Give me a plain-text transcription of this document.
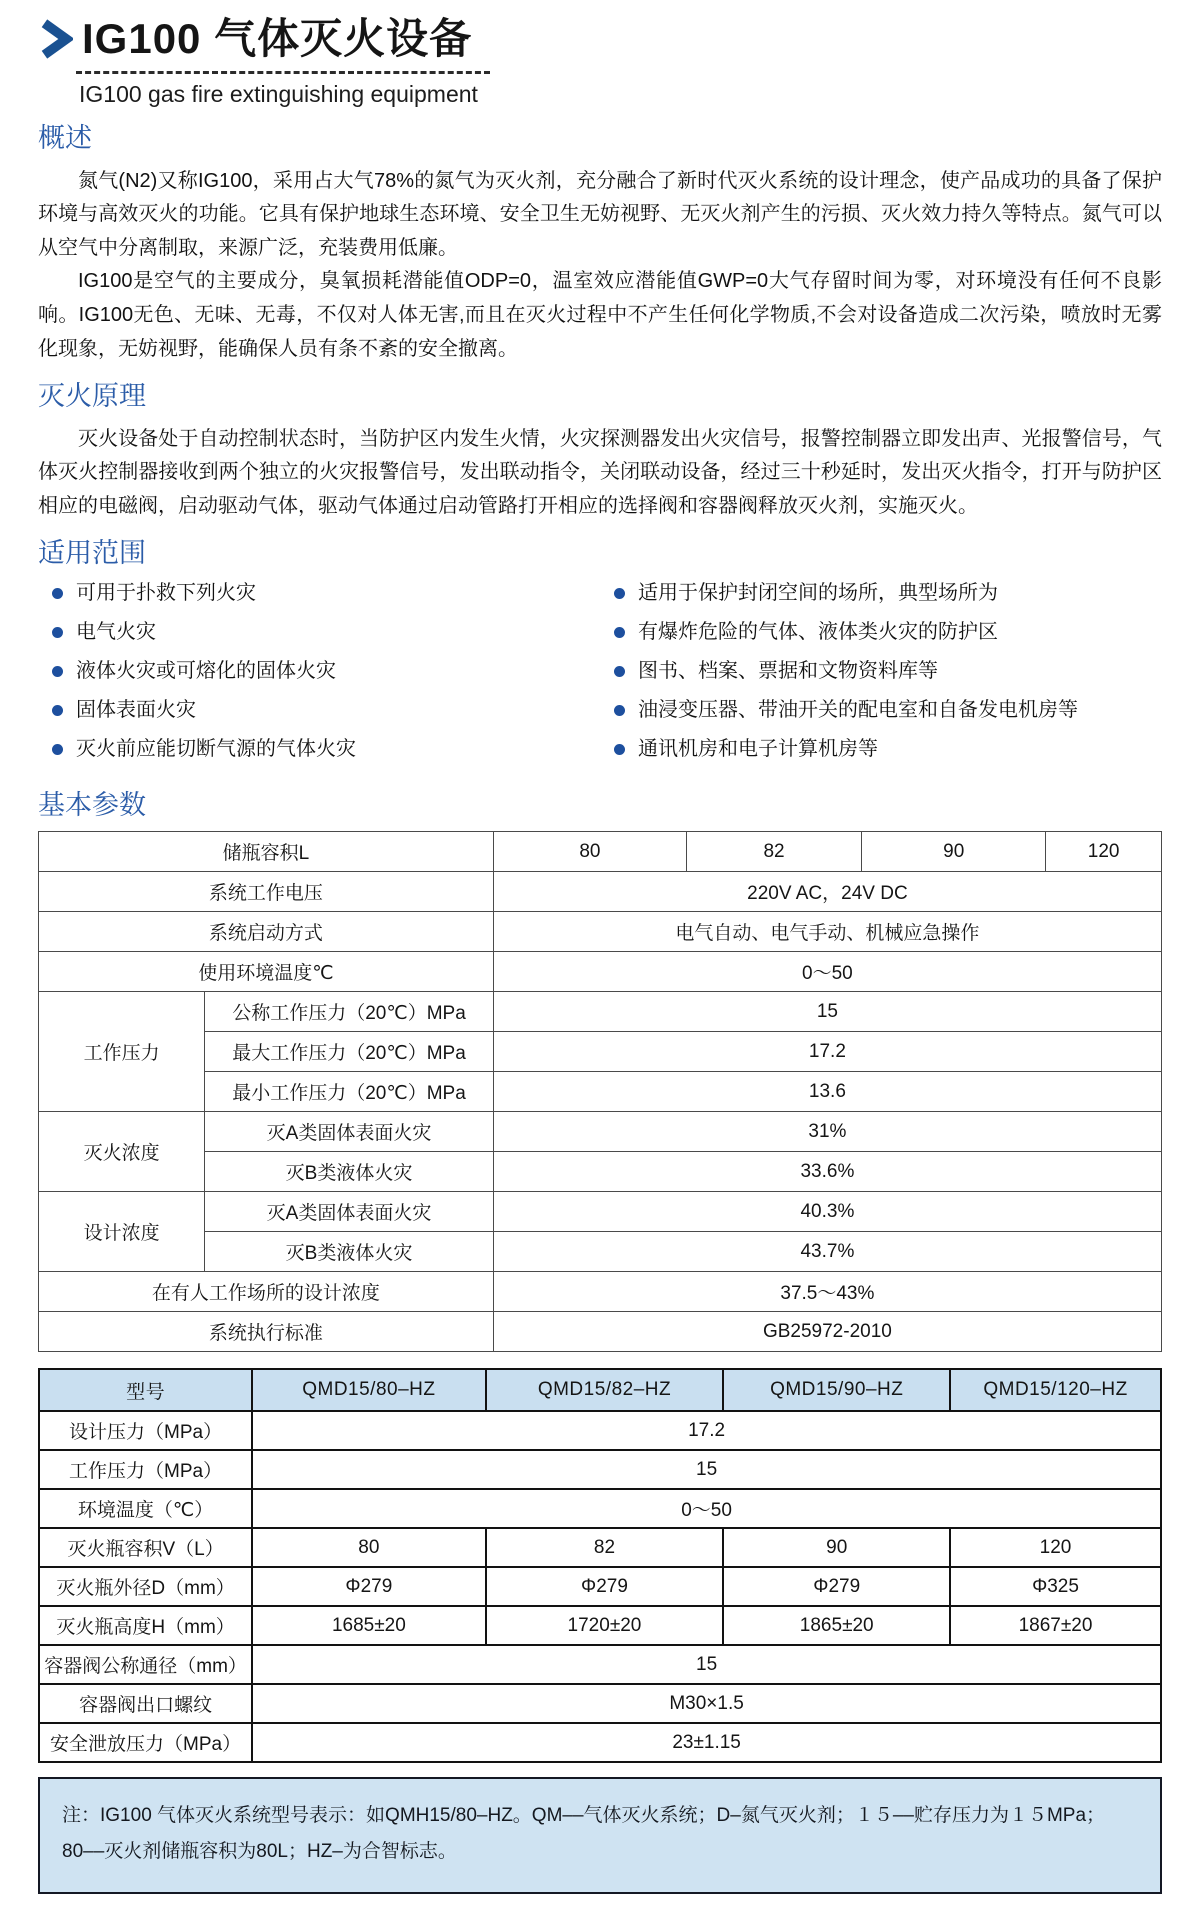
IG100 气体灭火设备
IG100 gas fire extinguishing equipment
概述

氮气(N2)又称IG100，采用占大气78%的氮气为灭火剂，充分融合了新时代灭火系统的设计理念，使产品成功的具备了保护环境与高效灭火的功能。它具有保护地球生态环境、安全卫生无妨视野、无灭火剂产生的污损、灭火效力持久等特点。氮气可以从空气中分离制取，来源广泛，充装费用低廉。

IG100是空气的主要成分，臭氧损耗潜能值ODP=0，温室效应潜能值GWP=0大气存留时间为零，对环境没有任何不良影响。IG100无色、无味、无毒，不仅对人体无害,而且在灭火过程中不产生任何化学物质,不会对设备造成二次污染，喷放时无雾化现象，无妨视野，能确保人员有条不紊的安全撤离。

灭火原理

灭火设备处于自动控制状态时，当防护区内发生火情，火灾探测器发出火灾信号，报警控制器立即发出声、光报警信号，气体灭火控制器接收到两个独立的火灾报警信号，发出联动指令，关闭联动设备，经过三十秒延时，发出灭火指令，打开与防护区相应的电磁阀，启动驱动气体，驱动气体通过启动管路打开相应的选择阀和容器阀释放灭火剂，实施灭火。

适用范围
可用于扑救下列火灾
电气火灾
液体火灾或可熔化的固体火灾
固体表面火灾
灭火前应能切断气源的气体火灾
适用于保护封闭空间的场所，典型场所为
有爆炸危险的气体、液体类火灾的防护区
图书、档案、票据和文物资料库等
油浸变压器、带油开关的配电室和自备发电机房等
通讯机房和电子计算机房等
基本参数
储瓶容积L		80	82	90	120
系统工作电压		220V AC，24V DC			
系统启动方式		电气自动、电气手动、机械应急操作			
使用环境温度℃		0～50			
工作压力	公称工作压力（20℃）MPa	15			
	最大工作压力（20℃）MPa	17.2			
	最小工作压力（20℃）MPa	13.6			
灭火浓度	灭A类固体表面火灾	31%			
	灭B类液体火灾	33.6%			
设计浓度	灭A类固体表面火灾	40.3%			
	灭B类液体火灾	43.7%			
在有人工作场所的设计浓度		37.5～43%			
系统执行标准		GB25972-2010			
型号	QMD15/80–HZ	QMD15/82–HZ	QMD15/90–HZ	QMD15/120–HZ
设计压力（MPa）	17.2			
工作压力（MPa）	15			
环境温度（℃）	0～50			
灭火瓶容积V（L）	80	82	90	120
灭火瓶外径D（mm）	Φ279	Φ279	Φ279	Φ325
灭火瓶高度H（mm）	1685±20	1720±20	1865±20	1867±20
容器阀公称通径（mm）	15			
容器阀出口螺纹	M30×1.5			
安全泄放压力（MPa）	23±1.15			
注：IG100 气体灭火系统型号表示：如QMH15/80–HZ。QM––气体灭火系统；D–氮气灭火剂；１５––贮存压力为１５MPa；
80––灭火剂储瓶容积为80L；HZ–为合智标志。
